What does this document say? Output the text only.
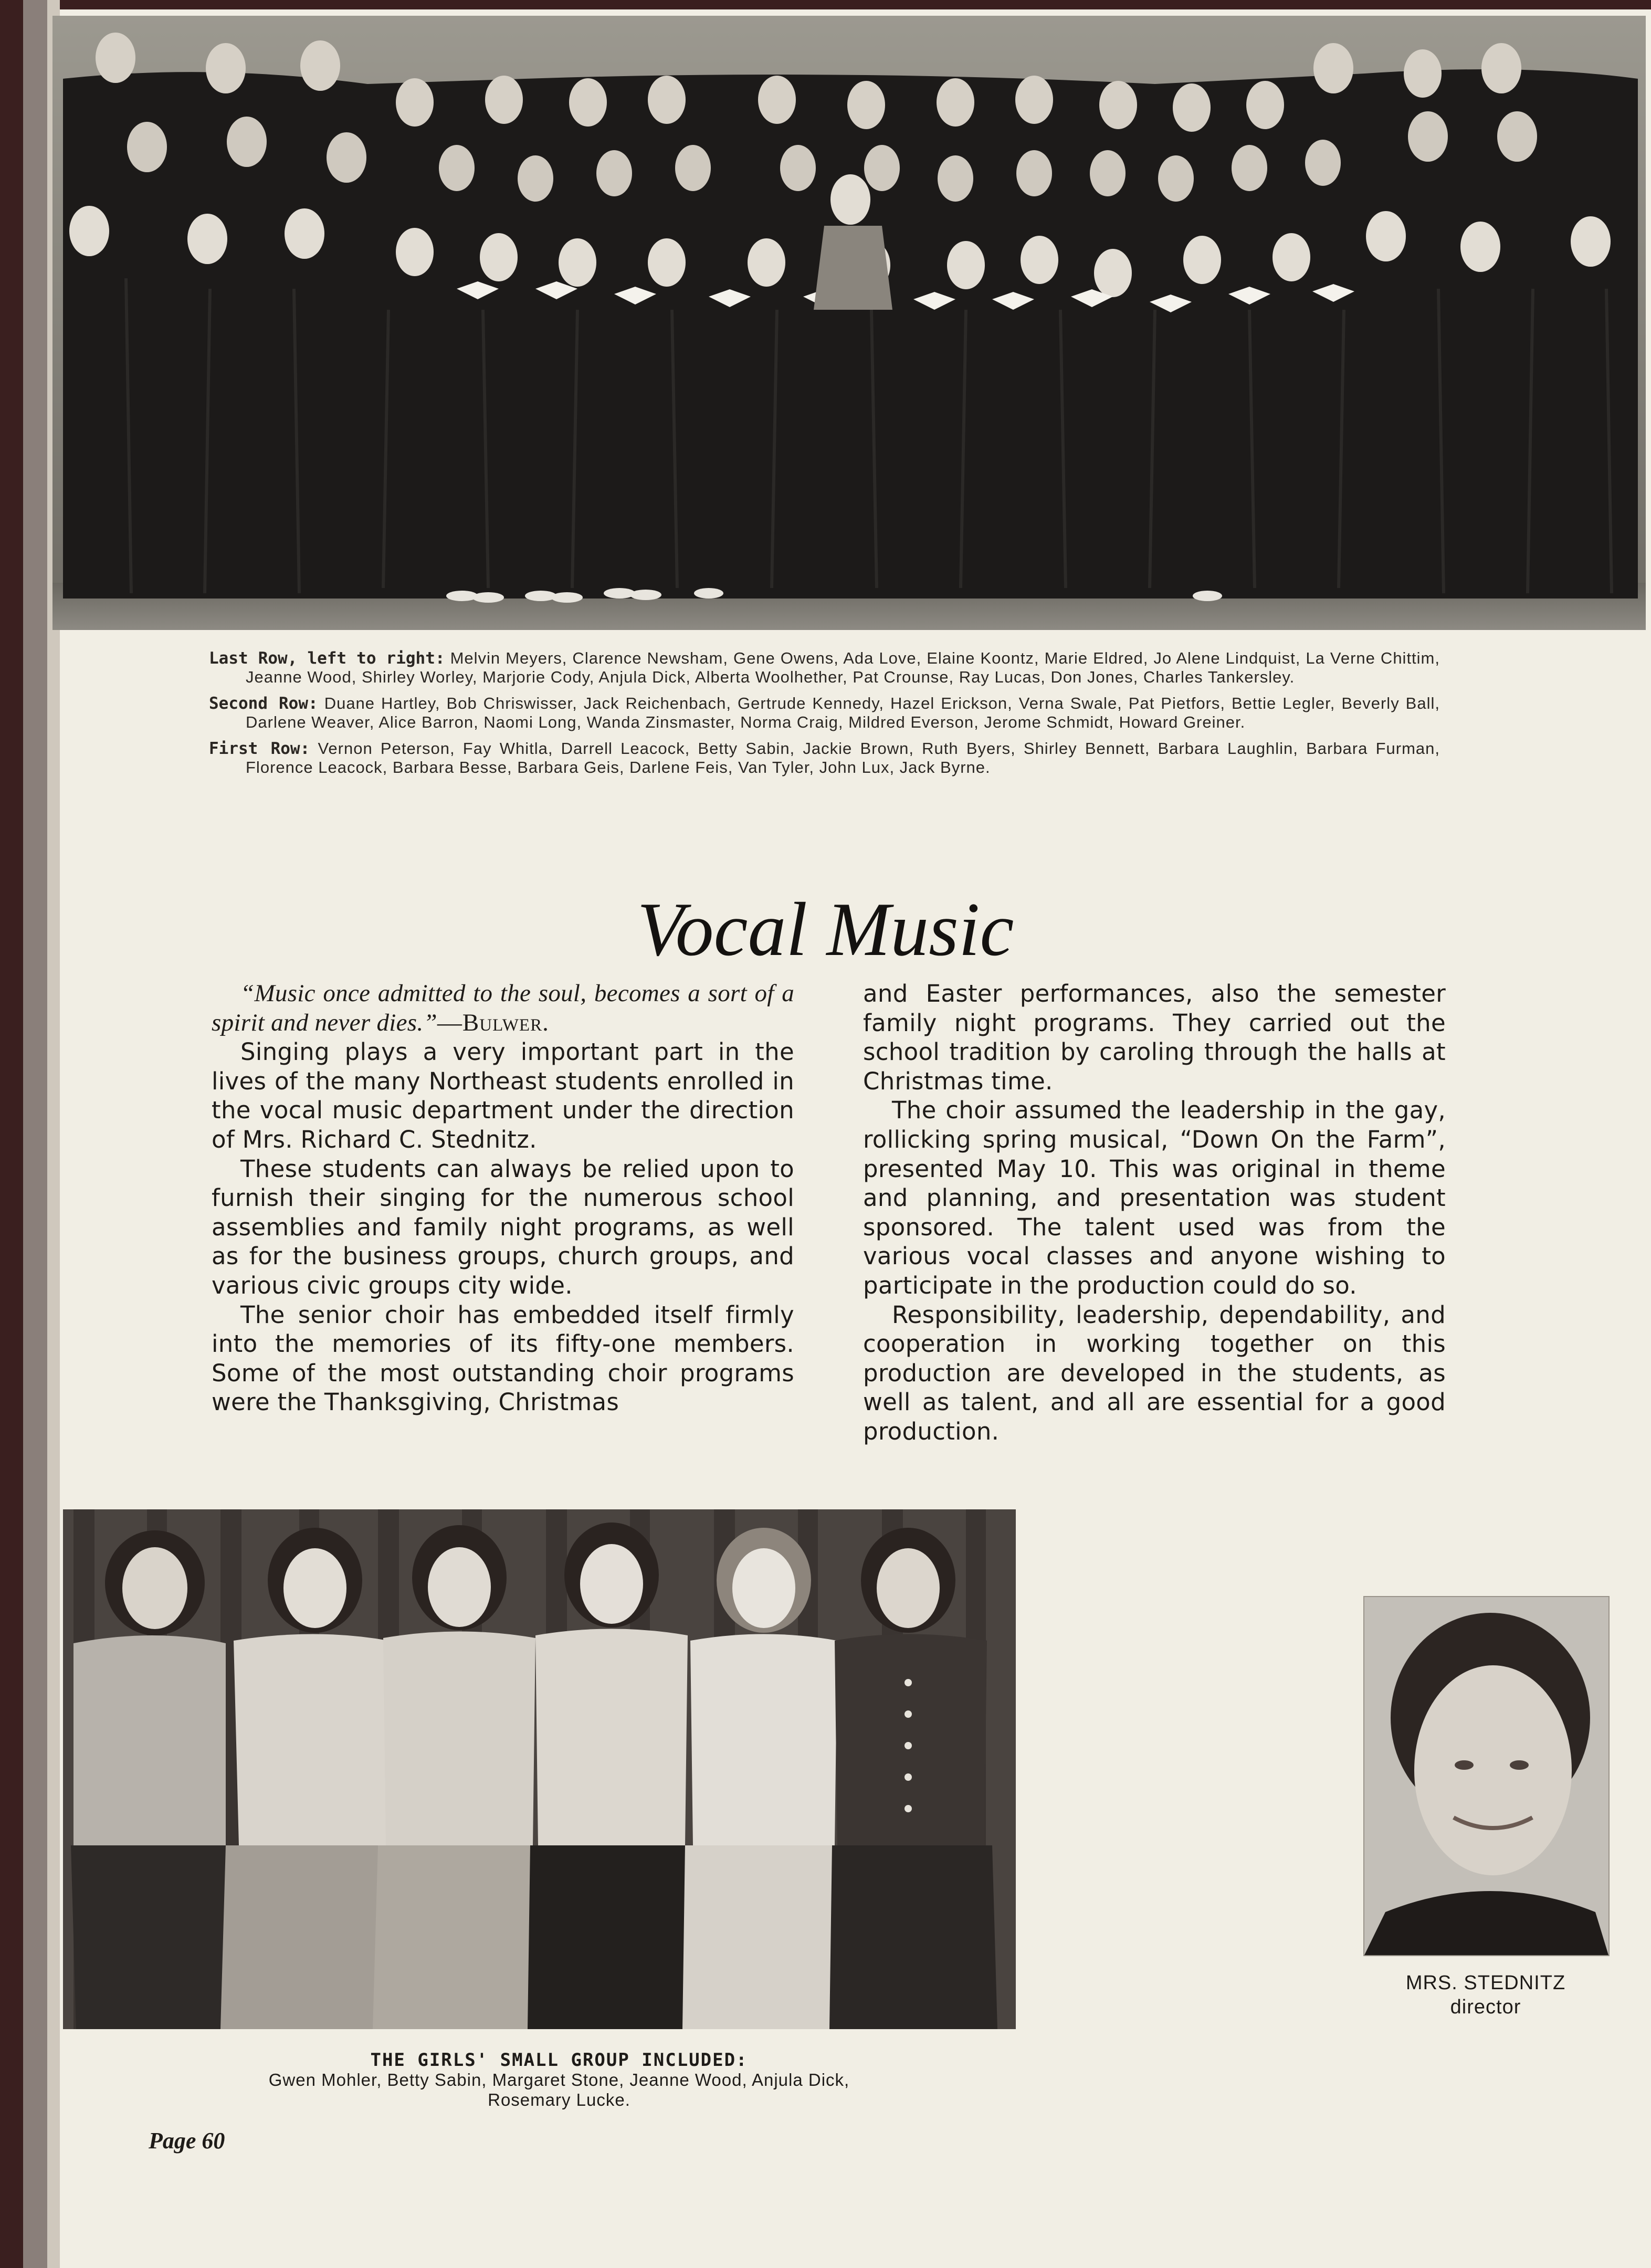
Last Row, left to right: Melvin Meyers, Clarence Newsham, Gene Owens, Ada Love, Elaine Koontz, Marie Eldred, Jo Alene Lindquist, La Verne Chittim, Jeanne Wood, Shirley Worley, Marjorie Cody, Anjula Dick, Alberta Woolhether, Pat Crounse, Ray Lucas, Don Jones, Charles Tankersley.

Second Row: Duane Hartley, Bob Chriswisser, Jack Reichenbach, Gertrude Kennedy, Hazel Erickson, Verna Swale, Pat Pietfors, Bettie Legler, Beverly Ball, Darlene Weaver, Alice Barron, Naomi Long, Wanda Zinsmaster, Norma Craig, Mildred Everson, Jerome Schmidt, Howard Greiner.

First Row: Vernon Peterson, Fay Whitla, Darrell Leacock, Betty Sabin, Jackie Brown, Ruth Byers, Shirley Bennett, Barbara Laughlin, Barbara Furman, Florence Leacock, Barbara Besse, Barbara Geis, Darlene Feis, Van Tyler, John Lux, Jack Byrne.

Vocal Music

“Music once admitted to the soul, becomes a sort of a spirit and never dies.”—Bulwer.

Singing plays a very important part in the lives of the many Northeast students enrolled in the vocal music department under the direction of Mrs. Richard C. Stednitz.

These students can always be relied upon to furnish their singing for the numerous school assemblies and family night programs, as well as for the business groups, church groups, and various civic groups city wide.

The senior choir has embedded itself firmly into the memories of its fifty-one members. Some of the most outstanding choir programs were the Thanksgiving, Christmas

and Easter performances, also the semester family night programs. They carried out the school tradition by caroling through the halls at Christmas time.

The choir assumed the leadership in the gay, rollicking spring musical, “Down On the Farm”, presented May 10. This was original in theme and planning, and presentation was student sponsored. The talent used was from the various vocal classes and anyone wishing to participate in the production could do so.

Responsibility, leadership, dependability, and cooperation in working together on this production are developed in the students, as well as talent, and all are essential for a good production.

THE GIRLS' SMALL GROUP INCLUDED:
Gwen Mohler, Betty Sabin, Margaret Stone, Jeanne Wood, Anjula Dick, Rosemary Lucke.
MRS. STEDNITZ
director
Page 60
